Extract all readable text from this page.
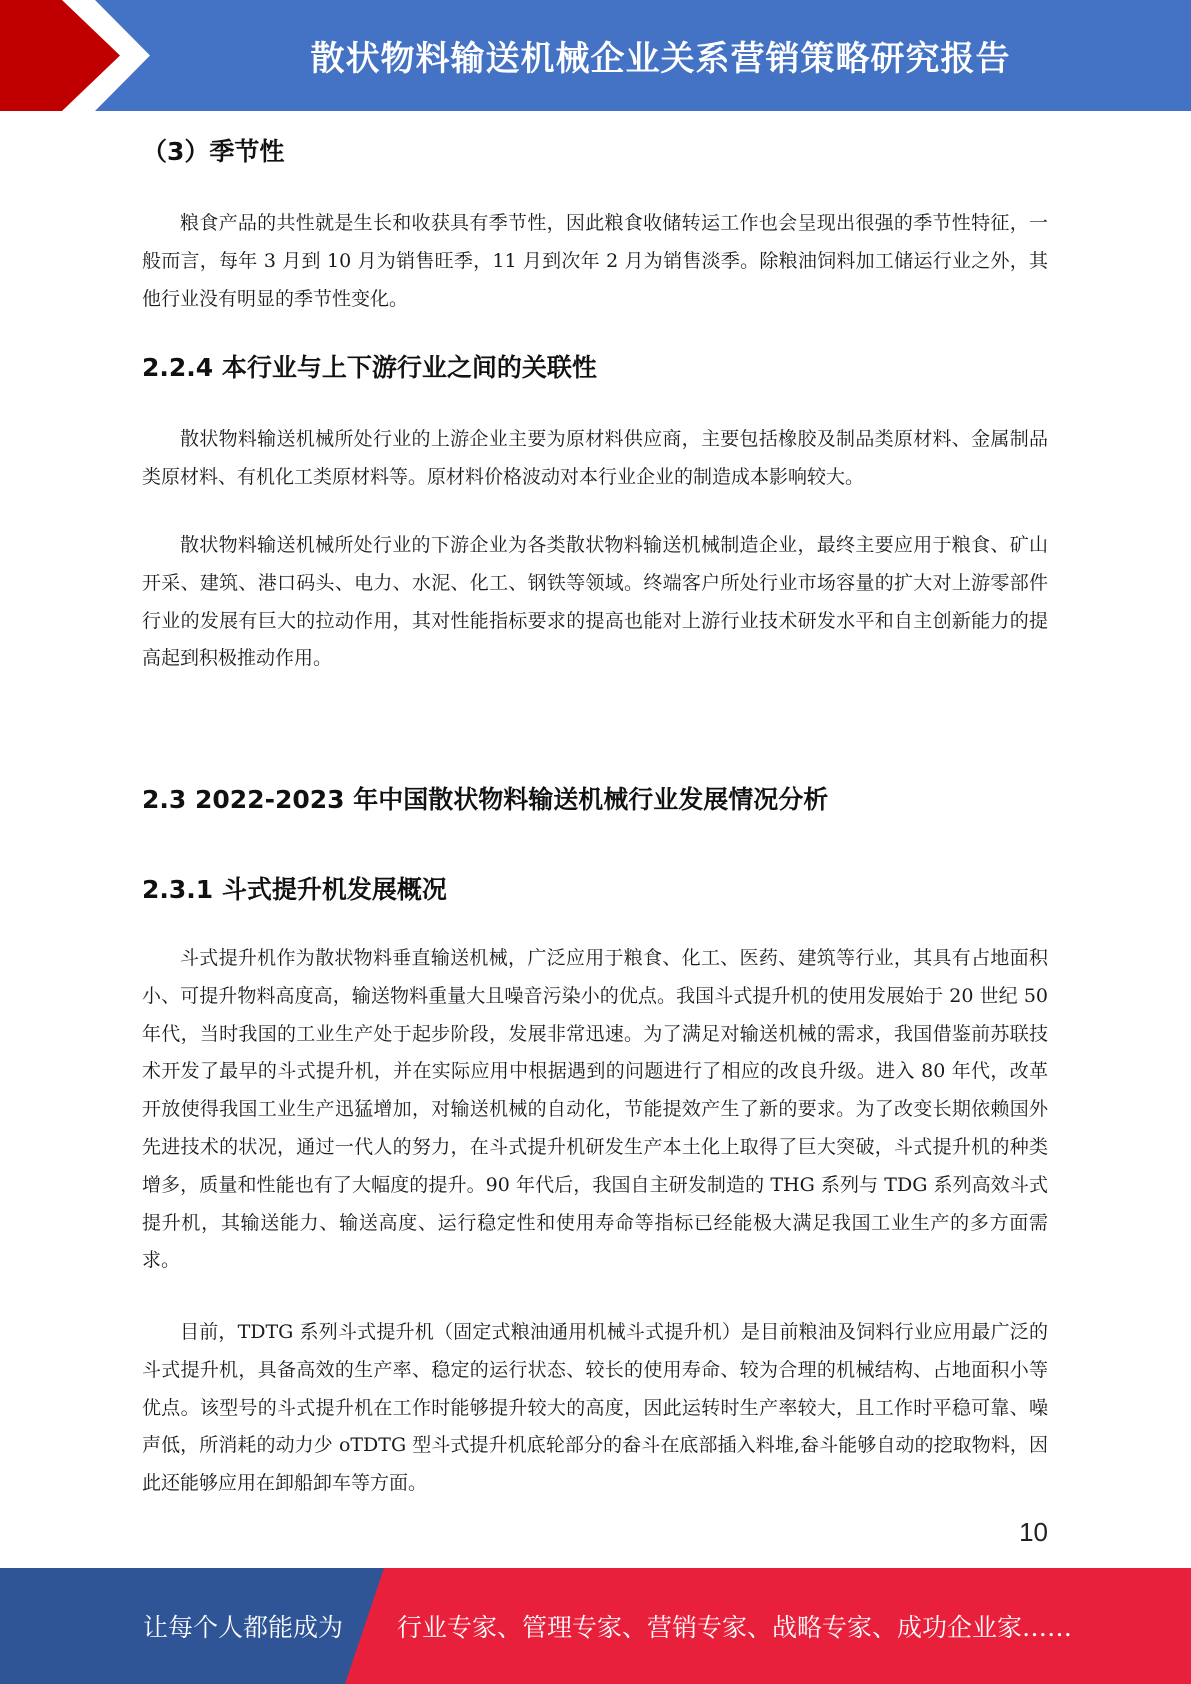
散状物料输送机械企业关系营销策略研究报告
（3）季节性

粮食产品的共性就是生长和收获具有季节性，因此粮食收储转运工作也会呈现出很强的季节性特征，一般而言，每年 3 月到 10 月为销售旺季，11 月到次年 2 月为销售淡季。除粮油饲料加工储运行业之外，其他行业没有明显的季节性变化。

2.2.4 本行业与上下游行业之间的关联性

散状物料输送机械所处行业的上游企业主要为原材料供应商，主要包括橡胶及制品类原材料、金属制品类原材料、有机化工类原材料等。原材料价格波动对本行业企业的制造成本影响较大。

散状物料输送机械所处行业的下游企业为各类散状物料输送机械制造企业，最终主要应用于粮食、矿山开采、建筑、港口码头、电力、水泥、化工、钢铁等领域。终端客户所处行业市场容量的扩大对上游零部件行业的发展有巨大的拉动作用，其对性能指标要求的提高也能对上游行业技术研发水平和自主创新能力的提高起到积极推动作用。

2.3 2022-2023 年中国散状物料输送机械行业发展情况分析
2.3.1 斗式提升机发展概况

斗式提升机作为散状物料垂直输送机械，广泛应用于粮食、化工、医药、建筑等行业，其具有占地面积小、可提升物料高度高，输送物料重量大且噪音污染小的优点。我国斗式提升机的使用发展始于 20 世纪 50 年代，当时我国的工业生产处于起步阶段，发展非常迅速。为了满足对输送机械的需求，我国借鉴前苏联技术开发了最早的斗式提升机，并在实际应用中根据遇到的问题进行了相应的改良升级。进入 80 年代，改革开放使得我国工业生产迅猛增加，对输送机械的自动化，节能提效产生了新的要求。为了改变长期依赖国外先进技术的状况，通过一代人的努力，在斗式提升机研发生产本土化上取得了巨大突破，斗式提升机的种类增多，质量和性能也有了大幅度的提升。90 年代后，我国自主研发制造的 THG 系列与 TDG 系列高效斗式提升机，其输送能力、输送高度、运行稳定性和使用寿命等指标已经能极大满足我国工业生产的多方面需求。

目前，TDTG 系列斗式提升机（固定式粮油通用机械斗式提升机）是目前粮油及饲料行业应用最广泛的斗式提升机，具备高效的生产率、稳定的运行状态、较长的使用寿命、较为合理的机械结构、占地面积小等优点。该型号的斗式提升机在工作时能够提升较大的高度，因此运转时生产率较大，且工作时平稳可靠、噪声低，所消耗的动力少 oTDTG 型斗式提升机底轮部分的畚斗在底部插入料堆,畚斗能够自动的挖取物料，因此还能够应用在卸船卸车等方面。

10
让每个人都能成为 行业专家、管理专家、营销专家、战略专家、成功企业家……
